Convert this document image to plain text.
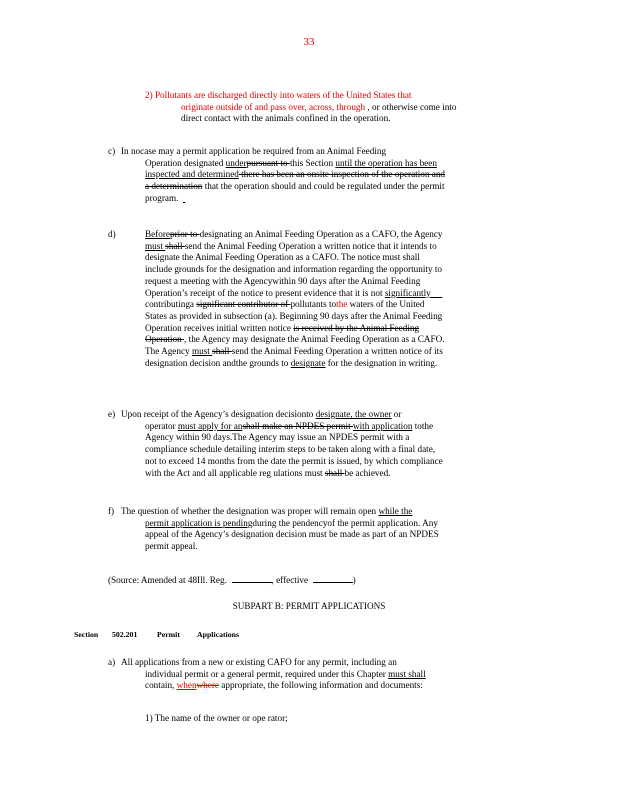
33
2) Pollutants are discharged directly into waters of the United States that
originate outside of and pass over, across, through , or otherwise come into
direct contact with the animals confined in the operation.
c) In nocase may a permit application be required from an Animal Feeding
Operation designated underpursuant to this Section until the operation has been
inspected and determined there has been an onsite inspection of the operation and
a determination that the operation should and could be regulated under the permit
program.
d)	Beforeprior to designating an Animal Feeding Operation as a CAFO, the Agency
must shall send the Animal Feeding Operation a written notice that it intends to
designate the Animal Feeding Operation as a CAFO. The notice must shall
include grounds for the designation and information regarding the opportunity to
request a meeting with the Agencywithin 90 days after the Animal Feeding
Operation’s receipt of the notice to present evidence that it is not significantly
contributinga significant contributor of pollutants tothe waters of the United
States as provided in subsection (a). Beginning 90 days after the Animal Feeding
Operation receives initial written notice is received by the Animal Feeding
Operation , the Agency may designate the Animal Feeding Operation as a CAFO.
The Agency must shall send the Animal Feeding Operation a written notice of its
designation decision andthe grounds to designate for the designation in writing.
e) Upon receipt of the Agency’s designation decisionto designate, the owner or
operator must apply for anshall make an NPDES permit with application tothe
Agency within 90 days.The Agency may issue an NPDES permit with a
compliance schedule detailing interim steps to be taken along with a final date,
not to exceed 14 months from the date the permit is issued, by which compliance
with the Act and all applicable reg ulations must shall be achieved.
f) The question of whether the designation was proper will remain open while the
permit application is pendingduring the pendencyof the permit application. Any
appeal of the Agency’s designation decision must be made as part of an NPDES
permit appeal.
(Source: Amended at 48Ill. Reg.	, effective	)
SUBPART B: PERMIT APPLICATIONS
Section 502.201	Permit Applications
a) All applications from a new or existing CAFO for any permit, including an
individual permit or a general permit, required under this Chapter must shall
contain, whenwhere appropriate, the following information and documents:
1) The name of the owner or ope rator;
